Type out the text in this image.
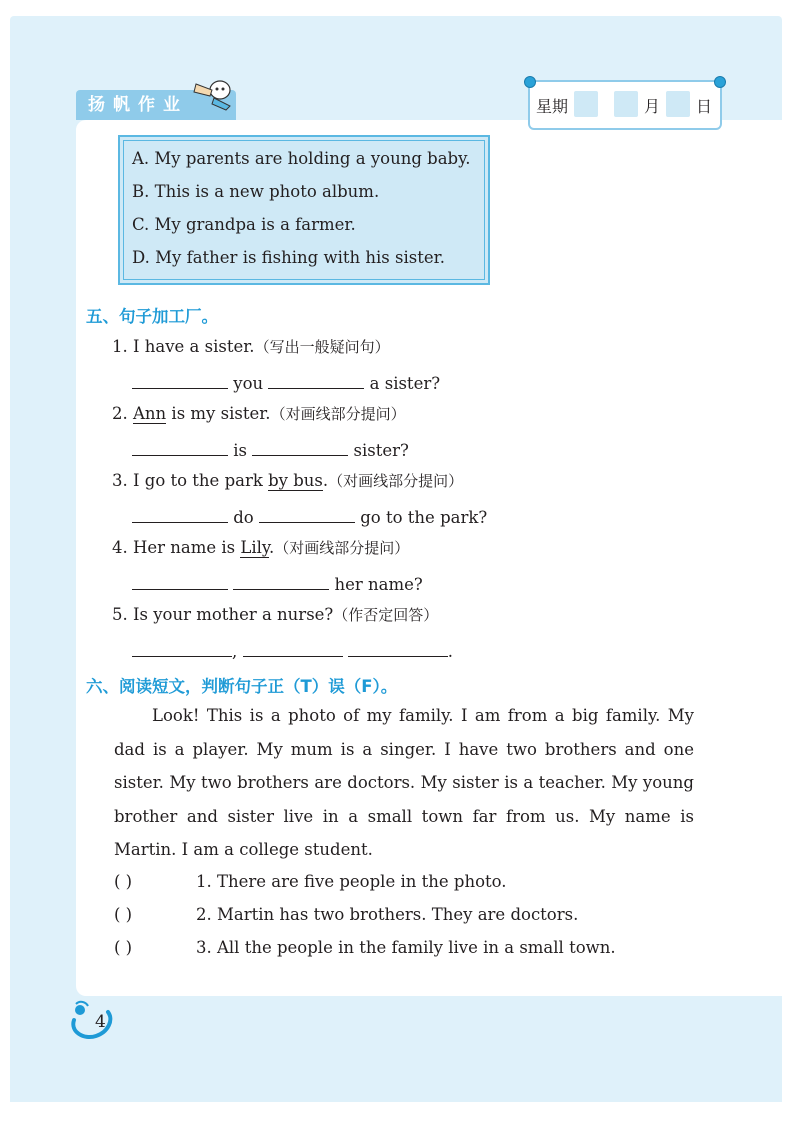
扬帆作业	星期	月 日
A. My parents are holding a young baby.
B. This is a new photo album.
C. My grandpa is a farmer.
D. My father is fishing with his sister.
五、句子加工厂。
1. I have a sister.（写出一般疑问句）
you	a sister?
2. Ann is my sister.（对画线部分提问）
is	sister?
3. I go to the park by bus.（对画线部分提问）
do	go to the park?
4. Her name is Lily.（对画线部分提问）
her name?
5. Is your mother a nurse?（作否定回答）
,	.
六、阅读短文，判断句子正（T）误（F）。
Look! This is a photo of my family. I am from a big family. My dad is a player. My mum is a singer. I have two brothers and one sister. My two brothers are doctors. My sister is a teacher. My young brother and sister live in a small town far from us. My name is Martin. I am a college student.
( )	1. There are five people in the photo.
( )	2. Martin has two brothers. They are doctors.
( )	3. All the people in the family live in a small town.
4
